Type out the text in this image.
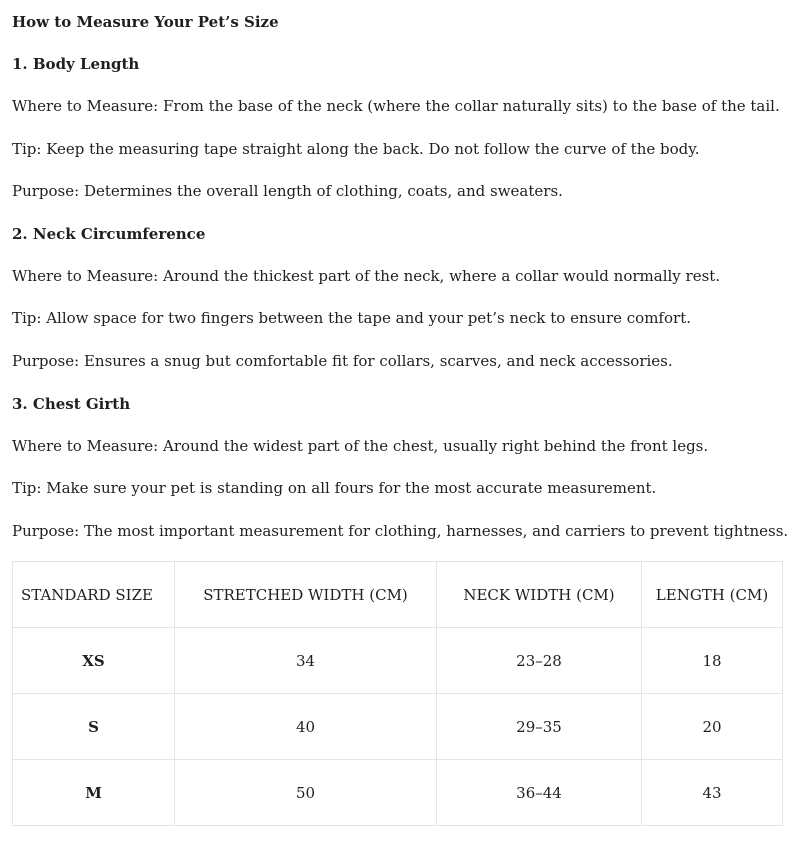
How to Measure Your Pet’s Size
1. Body Length
Where to Measure: From the base of the neck (where the collar naturally sits) to the base of the tail.
Tip: Keep the measuring tape straight along the back. Do not follow the curve of the body.
Purpose: Determines the overall length of clothing, coats, and sweaters.
2. Neck Circumference
Where to Measure: Around the thickest part of the neck, where a collar would normally rest.
Tip: Allow space for two fingers between the tape and your pet’s neck to ensure comfort.
Purpose: Ensures a snug but comfortable fit for collars, scarves, and neck accessories.
3. Chest Girth
Where to Measure: Around the widest part of the chest, usually right behind the front legs.
Tip: Make sure your pet is standing on all fours for the most accurate measurement.
Purpose: The most important measurement for clothing, harnesses, and carriers to prevent tightness.
STANDARD SIZE	STRETCHED WIDTH (CM)	NECK WIDTH (CM)	LENGTH (CM)
XS	34	23–28	18
S	40	29–35	20
M	50	36–44	43
